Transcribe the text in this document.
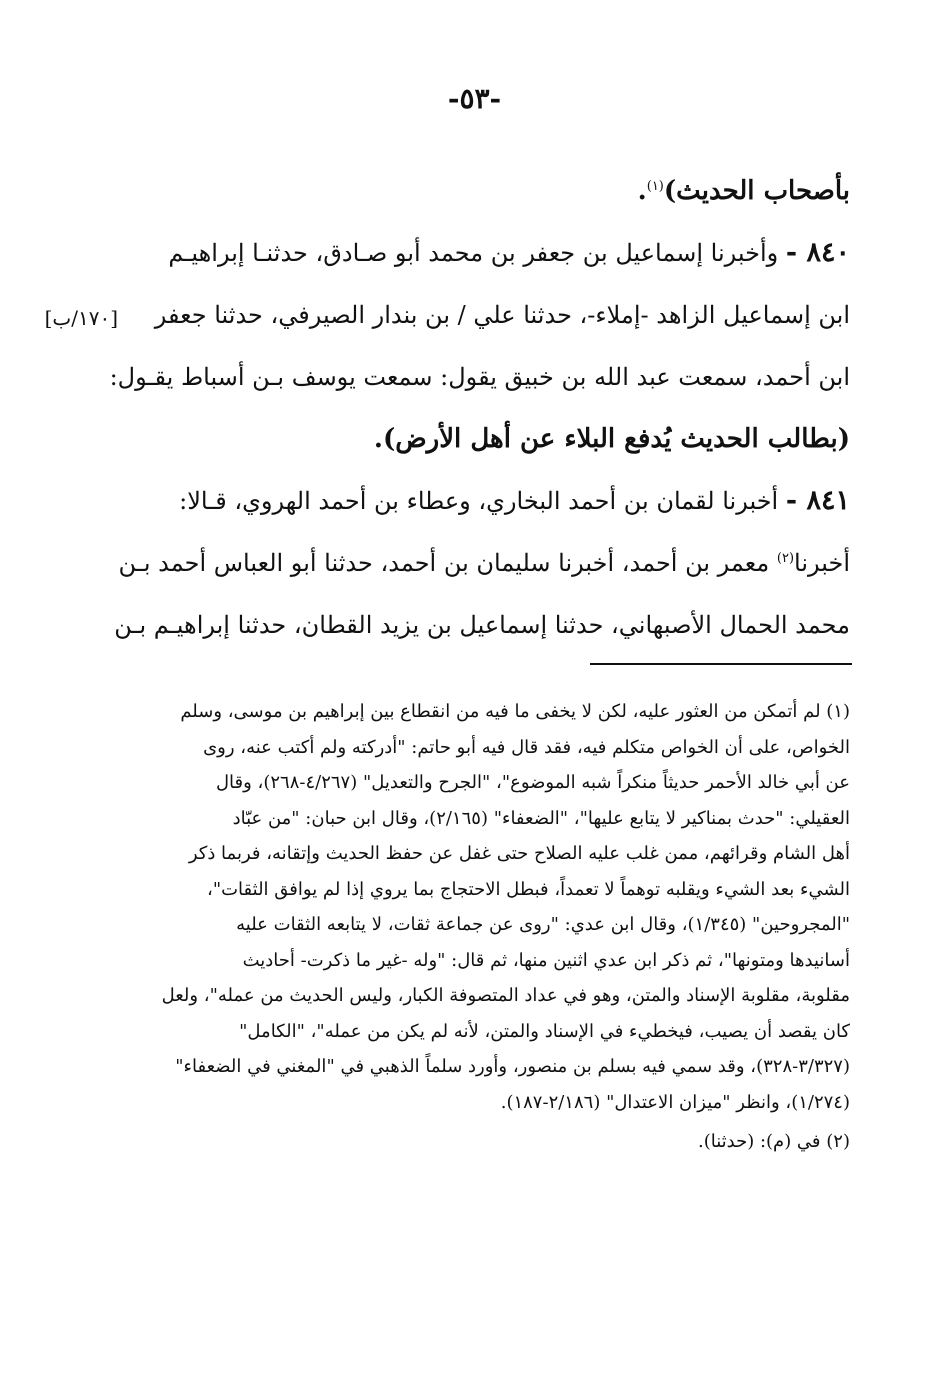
-٥٣-
[١٧٠/ب]

بأصحاب الحديث)$^{(١)}$.
٨٤٠ - وأخبرنا إسماعيل بن جعفر بن محمد أبو صـادق، حدثنـا إبراهيـم
ابن إسماعيل الزاهد -إملاء-، حدثنا علي / بن بندار الصيرفي، حدثنا جعفر
ابن أحمد، سمعت عبد الله بن خبيق يقول: سمعت يوسف بـن أسباط يقـول:
(بطالب الحديث يُدفع البلاء عن أهل الأرض).
٨٤١ - أخبرنا لقمان بن أحمد البخاري، وعطاء بن أحمد الهروي، قـالا:
أخبرنا$^{(٢)}$ معمر بن أحمد، أخبرنا سليمان بن أحمد، حدثنا أبو العباس أحمد بـن
محمد الحمال الأصبهاني، حدثنا إسماعيل بن يزيد القطان، حدثنا إبراهيـم بـن

(١) لم أتمكن من العثور عليه، لكن لا يخفى ما فيه من انقطاع بين إبراهيم بن موسى، وسلم
الخواص، على أن الخواص متكلم فيه، فقد قال فيه أبو حاتم: "أدركته ولم أكتب عنه، روى
عن أبي خالد الأحمر حديثاً منكراً شبه الموضوع"، "الجرح والتعديل" (٤/٢٦٧-٢٦٨)، وقال
العقيلي: "حدث بمناكير لا يتابع عليها"، "الضعفاء" (٢/١٦٥)، وقال ابن حبان: "من عبّاد
أهل الشام وقرائهم، ممن غلب عليه الصلاح حتى غفل عن حفظ الحديث وإتقانه، فربما ذكر
الشيء بعد الشيء ويقلبه توهماً لا تعمداً، فبطل الاحتجاج بما يروي إذا لم يوافق الثقات"،
"المجروحين" (١/٣٤٥)، وقال ابن عدي: "روى عن جماعة ثقات، لا يتابعه الثقات عليه
أسانيدها ومتونها"، ثم ذكر ابن عدي اثنين منها، ثم قال: "وله -غير ما ذكرت- أحاديث
مقلوبة، مقلوبة الإسناد والمتن، وهو في عداد المتصوفة الكبار، وليس الحديث من عمله"، ولعل
كان يقصد أن يصيب، فيخطيء في الإسناد والمتن، لأنه لم يكن من عمله"، "الكامل"
(٣/٣٢٧-٣٢٨)، وقد سمي فيه بسلم بن منصور، وأورد سلماً الذهبي في "المغني في الضعفاء"
(١/٢٧٤)، وانظر "ميزان الاعتدال" (٢/١٨٦-١٨٧).
(٢) في (م): (حدثنا).
